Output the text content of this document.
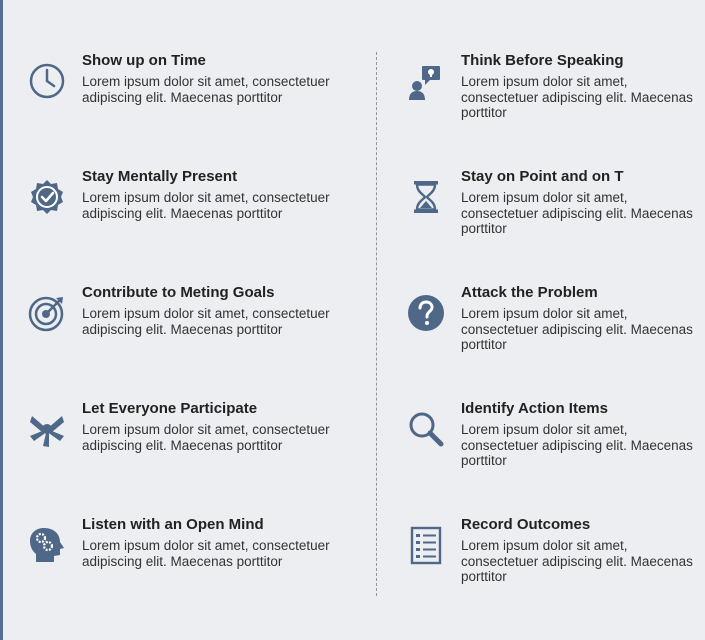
Show up on Time

Lorem ipsum dolor sit amet, consectetuer adipiscing elit. Maecenas porttitor

Stay Mentally Present

Lorem ipsum dolor sit amet, consectetuer adipiscing elit. Maecenas porttitor

Contribute to Meting Goals

Lorem ipsum dolor sit amet, consectetuer adipiscing elit. Maecenas porttitor

Let Everyone Participate

Lorem ipsum dolor sit amet, consectetuer adipiscing elit. Maecenas porttitor

Listen with an Open Mind

Lorem ipsum dolor sit amet, consectetuer adipiscing elit. Maecenas porttitor

Think Before Speaking

Lorem ipsum dolor sit amet, consectetuer adipiscing elit. Maecenas porttitor

Stay on Point and on T

Lorem ipsum dolor sit amet, consectetuer adipiscing elit. Maecenas porttitor

Attack the Problem

Lorem ipsum dolor sit amet, consectetuer adipiscing elit. Maecenas porttitor

Identify Action Items

Lorem ipsum dolor sit amet, consectetuer adipiscing elit. Maecenas porttitor

Record Outcomes

Lorem ipsum dolor sit amet, consectetuer adipiscing elit. Maecenas porttitor
